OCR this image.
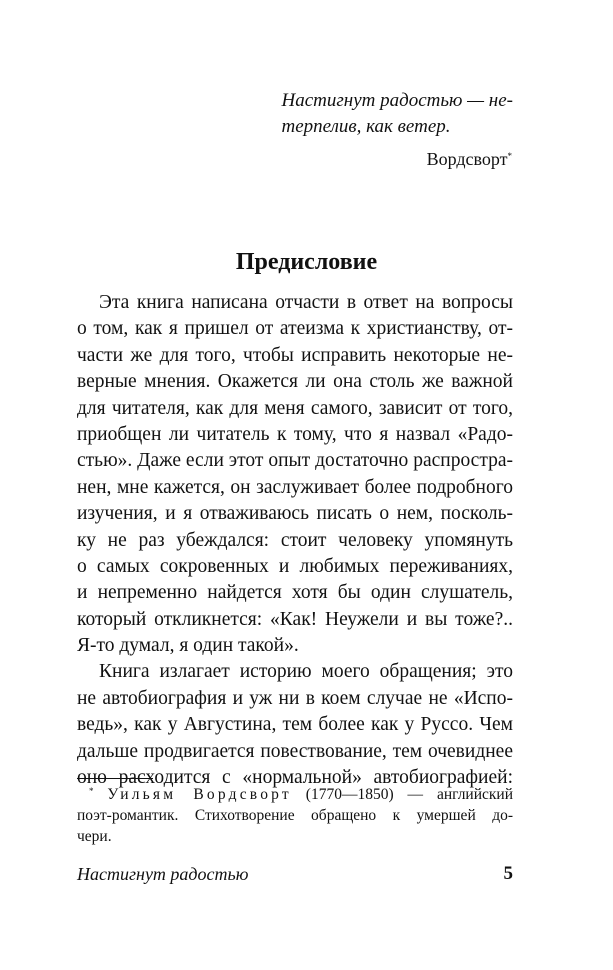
Настигнут радостью — не-
терпелив, как ветер.
Вордсворт*
Предисловие
Эта книга написана отчасти в ответ на вопросы
о том, как я пришел от атеизма к христианству, от-
части же для того, чтобы исправить некоторые не-
верные мнения. Окажется ли она столь же важной
для читателя, как для меня самого, зависит от того,
приобщен ли читатель к тому, что я назвал «Радо-
стью». Даже если этот опыт достаточно распростра-
нен, мне кажется, он заслуживает более подробного
изучения, и я отваживаюсь писать о нем, посколь-
ку не раз убеждался: стоит человеку упомянуть
о самых сокровенных и любимых переживаниях,
и непременно найдется хотя бы один слушатель,
который откликнется: «Как! Неужели и вы тоже?..
Я-то думал, я один такой».
Книга излагает историю моего обращения; это
не автобиография и уж ни в коем случае не «Испо-
ведь», как у Августина, тем более как у Руссо. Чем
дальше продвигается повествование, тем очевиднее
оно расходится с «нормальной» автобиографией:
* Уильям Вордсворт (1770—1850) — английский
поэт-романтик. Стихотворение обращено к умершей до-
чери.
Настигнут радостью	5
